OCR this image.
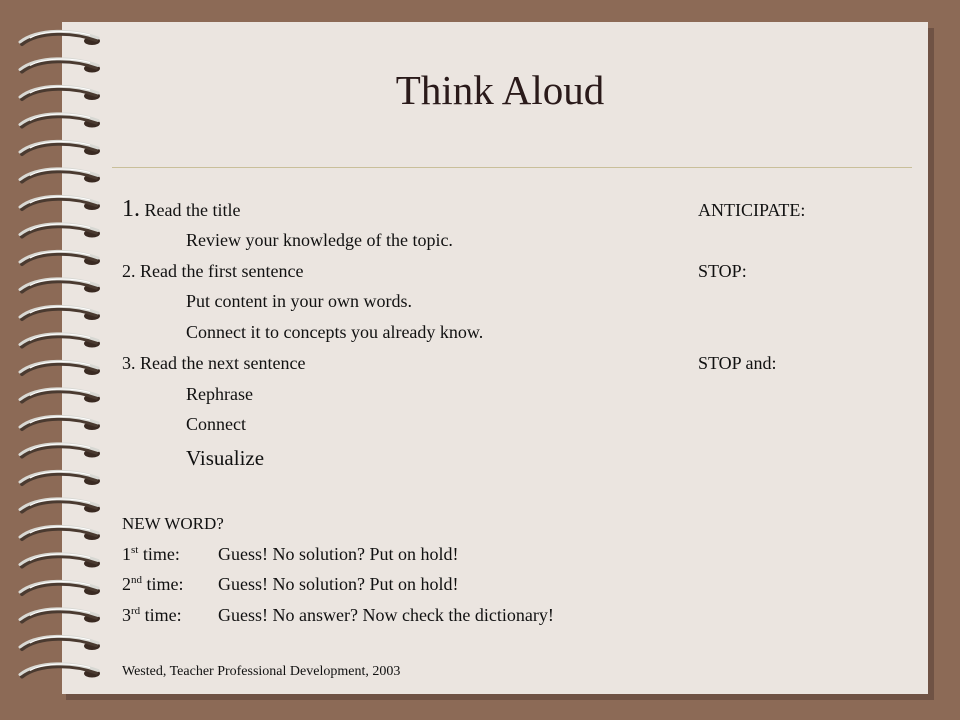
Think Aloud
1. Read the title	ANTICIPATE:
Review your knowledge of the topic.
2. Read the first sentence	STOP:
Put content in your own words.
Connect it to concepts you already know.
3. Read the next sentence	STOP and:
Rephrase
Connect
Visualize
NEW WORD?
1st time: Guess! No solution? Put on hold!
2nd time: Guess! No solution? Put on hold!
3rd time: Guess! No answer? Now check the dictionary!
Wested, Teacher Professional Development, 2003
